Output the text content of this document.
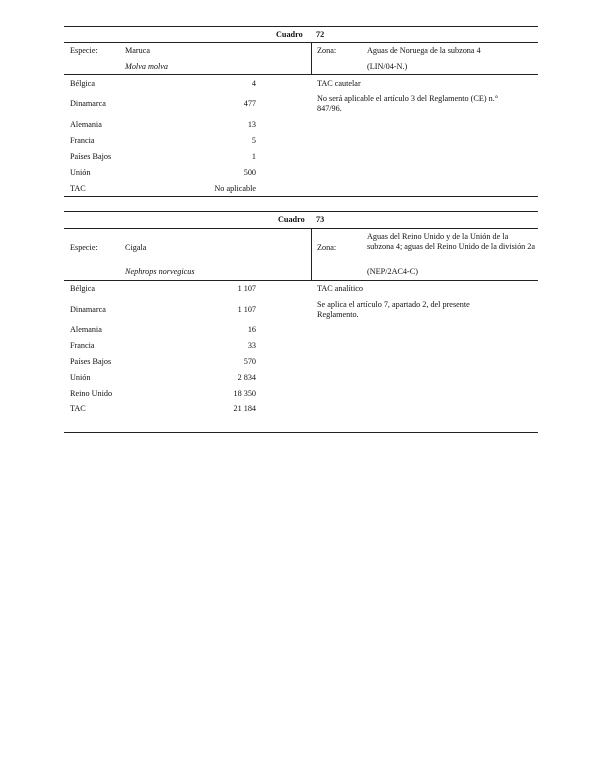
Cuadro 72
Especie:	Maruca
Molva molva
Zona:	Aguas de Noruega de la subzona 4
(LIN/04-N.)
Bélgica	4
Dinamarca	477
Alemania	13
Francia	5
Países Bajos	1
Unión	500
TAC	No aplicable
TAC cautelar
No será aplicable el artículo 3 del Reglamento (CE) n.° 847/96.
Cuadro 73
Especie:	Cigala
Nephrops norvegicus
Zona:
Aguas del Reino Unido y de la Unión de la subzona 4; aguas del Reino Unido de la división 2a
(NEP/2AC4-C)
Bélgica	1 107
Dinamarca	1 107
Alemania	16
Francia	33
Países Bajos	570
Unión	2 834
Reino Unido	18 350
TAC	21 184
TAC analítico
Se aplica el artículo 7, apartado 2, del presente Reglamento.
